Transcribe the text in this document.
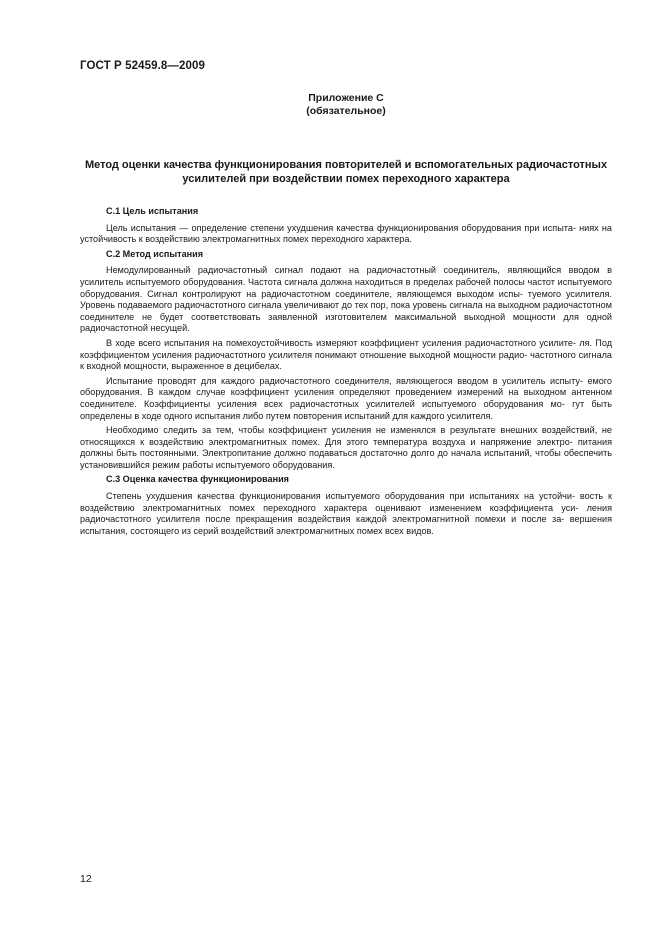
ГОСТ Р 52459.8—2009
Приложение С
(обязательное)
Метод оценки качества функционирования повторителей и вспомогательных радиочастотных
усилителей при воздействии помех переходного характера
С.1 Цель испытания

Цель испытания — определение степени ухудшения качества функционирования оборудования при испыта- ниях на устойчивость к воздействию электромагнитных помех переходного характера.

С.2 Метод испытания

Немодулированный радиочастотный сигнал подают на радиочастотный соединитель, являющийся вводом в усилитель испытуемого оборудования. Частота сигнала должна находиться в пределах рабочей полосы частот испытуемого оборудования. Сигнал контролируют на радиочастотном соединителе, являющемся выходом испы- туемого усилителя. Уровень подаваемого радиочастотного сигнала увеличивают до тех пор, пока уровень сигнала на выходном радиочастотном соединителе не будет соответствовать заявленной изготовителем максимальной выходной мощности для одной радиочастотной несущей.

В ходе всего испытания на помехоустойчивость измеряют коэффициент усиления радиочастотного усилите- ля. Под коэффициентом усиления радиочастотного усилителя понимают отношение выходной мощности радио- частотного сигнала к входной мощности, выраженное в децибелах.

Испытание проводят для каждого радиочастотного соединителя, являющегося вводом в усилитель испыту- емого оборудования. В каждом случае коэффициент усиления определяют проведением измерений на выходном антенном соединителе. Коэффициенты усиления всех радиочастотных усилителей испытуемого оборудования мо- гут быть определены в ходе одного испытания либо путем повторения испытаний для каждого усилителя.

Необходимо следить за тем, чтобы коэффициент усиления не изменялся в результате внешних воздействий, не относящихся к воздействию электромагнитных помех. Для этого температура воздуха и напряжение электро- питания должны быть постоянными. Электропитание должно подаваться достаточно долго до начала испытаний, чтобы обеспечить установившийся режим работы испытуемого оборудования.

С.3 Оценка качества функционирования

Степень ухудшения качества функционирования испытуемого оборудования при испытаниях на устойчи- вость к воздействию электромагнитных помех переходного характера оценивают изменением коэффициента уси- ления радиочастотного усилителя после прекращения воздействия каждой электромагнитной помехи и после за- вершения испытания, состоящего из серий воздействий электромагнитных помех всех видов.

12
